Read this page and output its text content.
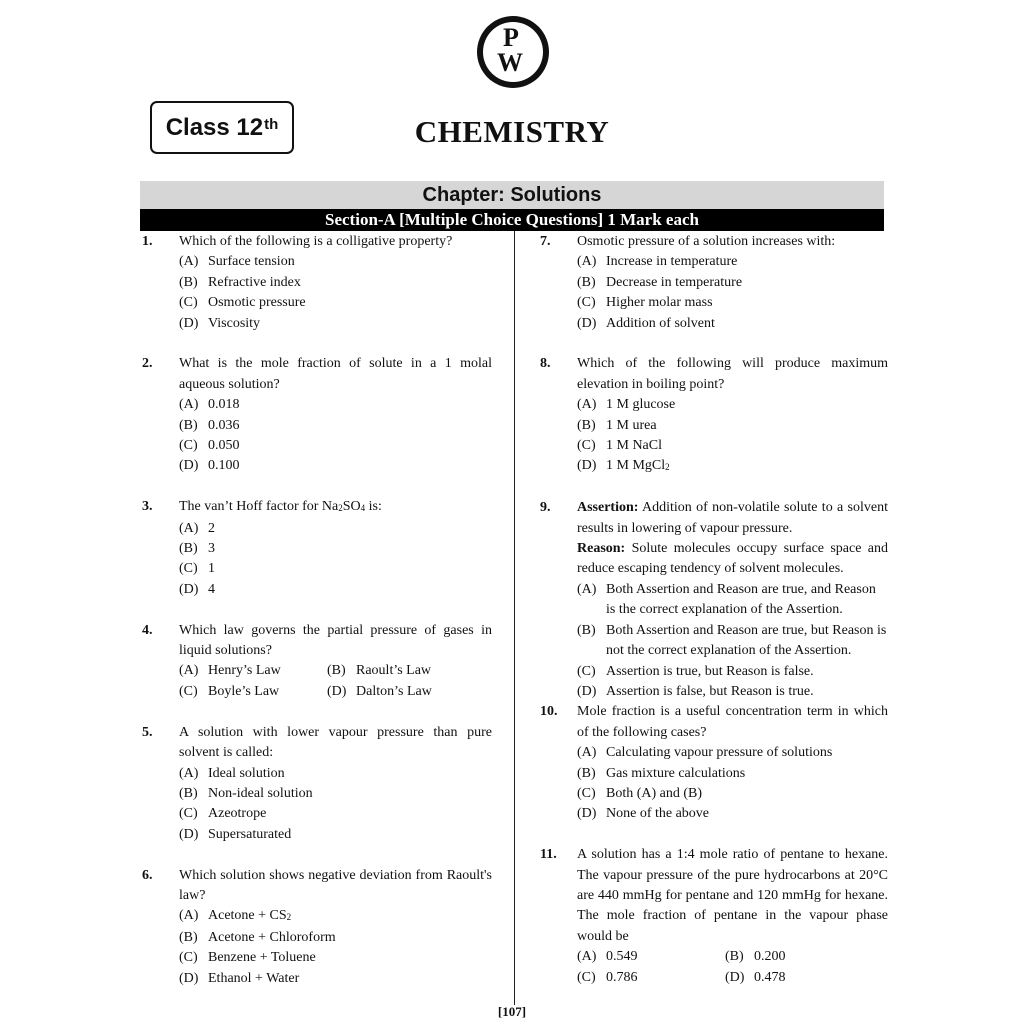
P
W
Class 12th	CHEMISTRY
Chapter: Solutions
Section-A [Multiple Choice Questions] 1 Mark each
1. Which of the following is a colligative property?
(A) Surface tension
(B) Refractive index
(C) Osmotic pressure
(D) Viscosity
2. What is the mole fraction of solute in a 1 molal aqueous solution?
(A) 0.018
(B) 0.036
(C) 0.050
(D) 0.100
3. The van’t Hoff factor for $Na_2SO_4$ is:
(A) 2
(B) 3
(C) 1
(D) 4
4. Which law governs the partial pressure of gases in liquid solutions?
(A) Henry’s Law	(B) Raoult’s Law
(C) Boyle’s Law	(D) Dalton’s Law
5. A solution with lower vapour pressure than pure solvent is called:
(A) Ideal solution
(B) Non-ideal solution
(C) Azeotrope
(D) Supersaturated
6. Which solution shows negative deviation from Raoult's law?
(A) Acetone + $CS_2$
(B) Acetone + Chloroform
(C) Benzene + Toluene
(D) Ethanol + Water
7. Osmotic pressure of a solution increases with:
(A) Increase in temperature
(B) Decrease in temperature
(C) Higher molar mass
(D) Addition of solvent
8. Which of the following will produce maximum elevation in boiling point?
(A) 1 M glucose
(B) 1 M urea
(C) 1 M NaCl
(D) 1 M MgCl$_2$
9. Assertion: Addition of non-volatile solute to a solvent results in lowering of vapour pressure.
Reason: Solute molecules occupy surface space and reduce escaping tendency of solvent molecules.
(A) Both Assertion and Reason are true, and Reason is the correct explanation of the Assertion.
(B) Both Assertion and Reason are true, but Reason is not the correct explanation of the Assertion.
(C) Assertion is true, but Reason is false.
(D) Assertion is false, but Reason is true.
10. Mole fraction is a useful concentration term in which of the following cases?
(A) Calculating vapour pressure of solutions
(B) Gas mixture calculations
(C) Both (A) and (B)
(D) None of the above
11. A solution has a 1:4 mole ratio of pentane to hexane. The vapour pressure of the pure hydrocarbons at 20°C are 440 mmHg for pentane and 120 mmHg for hexane. The mole fraction of pentane in the vapour phase would be
(A) 0.549	(B) 0.200
(C) 0.786	(D) 0.478
[107]
